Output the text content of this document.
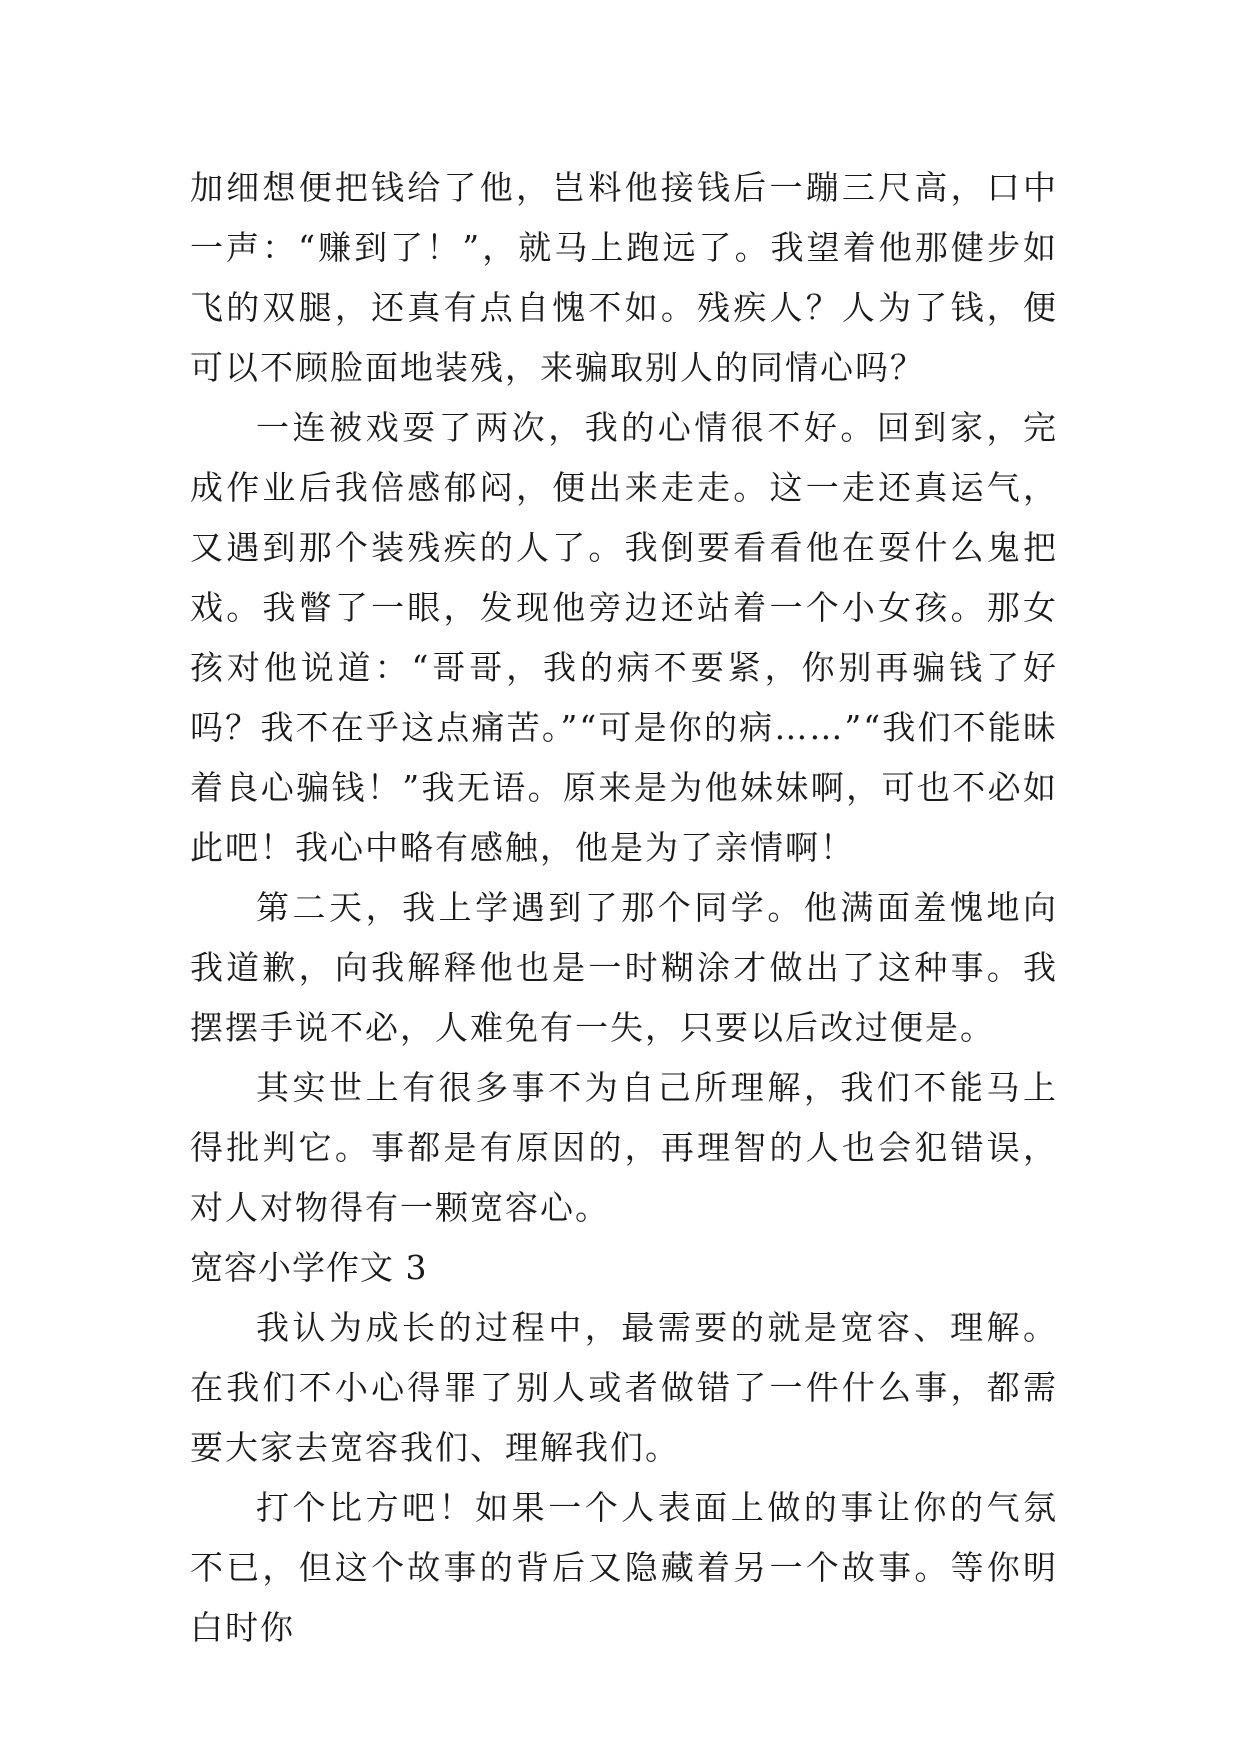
加细想便把钱给了他，岂料他接钱后一蹦三尺高，口中一声：“赚到了！”，就马上跑远了。我望着他那健步如飞的双腿，还真有点自愧不如。残疾人？人为了钱，便可以不顾脸面地装残，来骗取别人的同情心吗？

一连被戏耍了两次，我的心情很不好。回到家，完成作业后我倍感郁闷，便出来走走。这一走还真运气，又遇到那个装残疾的人了。我倒要看看他在耍什么鬼把戏。我瞥了一眼，发现他旁边还站着一个小女孩。那女孩对他说道：“哥哥，我的病不要紧，你别再骗钱了好吗？我不在乎这点痛苦。”“可是你的病……”“我们不能昧着良心骗钱！”我无语。原来是为他妹妹啊，可也不必如此吧！我心中略有感触，他是为了亲情啊！

第二天，我上学遇到了那个同学。他满面羞愧地向我道歉，向我解释他也是一时糊涂才做出了这种事。我摆摆手说不必，人难免有一失，只要以后改过便是。

其实世上有很多事不为自己所理解，我们不能马上得批判它。事都是有原因的，再理智的人也会犯错误，对人对物得有一颗宽容心。

宽容小学作文 3

我认为成长的过程中，最需要的就是宽容、理解。在我们不小心得罪了别人或者做错了一件什么事，都需要大家去宽容我们、理解我们。

打个比方吧！如果一个人表面上做的事让你的气氛不已，但这个故事的背后又隐藏着另一个故事。等你明白时你
